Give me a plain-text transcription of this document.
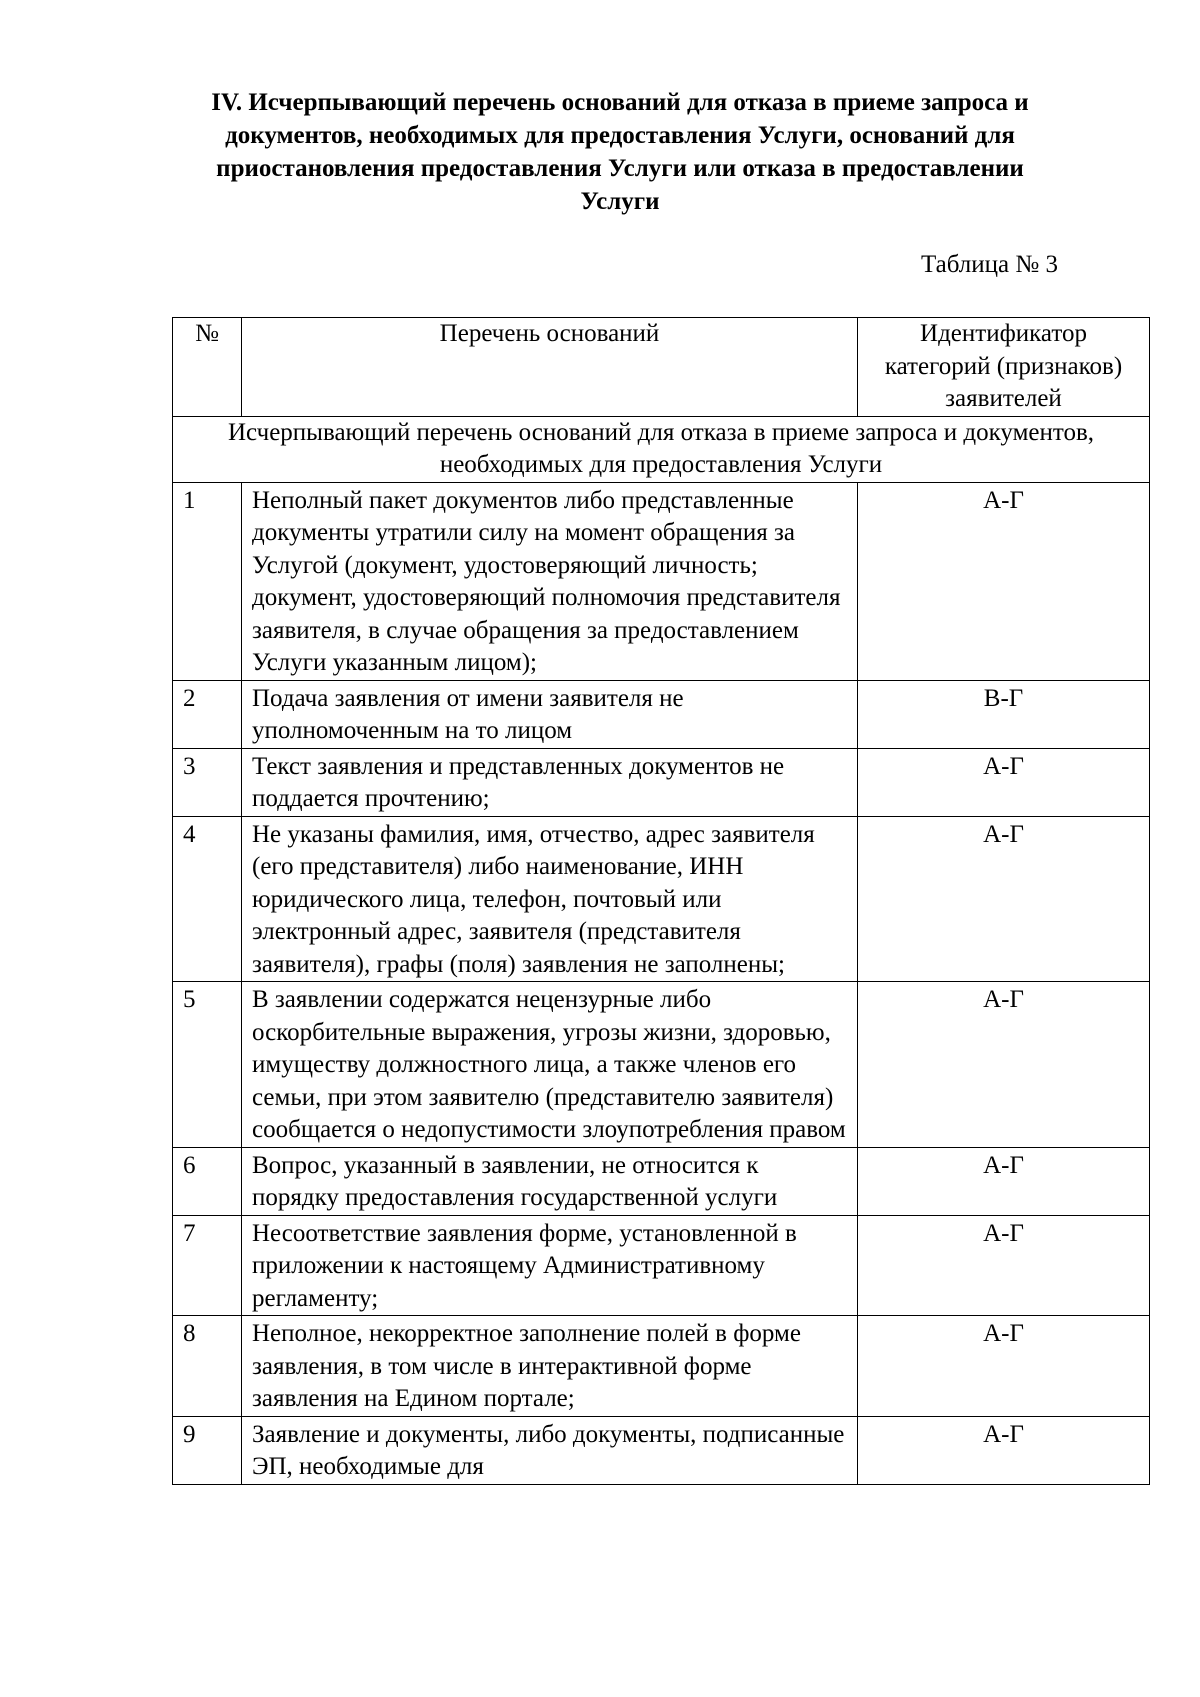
IV. Исчерпывающий перечень оснований для отказа в приеме запроса и документов, необходимых для предоставления Услуги, оснований для приостановления предоставления Услуги или отказа в предоставлении Услуги
Таблица № 3
№	Перечень оснований	Идентификатор категорий (признаков) заявителей
Исчерпывающий перечень оснований для отказа в приеме запроса и документов, необходимых для предоставления Услуги		
1	Неполный пакет документов либо представленные документы утратили силу на момент обращения за Услугой (документ, удостоверяющий личность; документ, удостоверяющий полномочия представителя заявителя, в случае обращения за предоставлением Услуги указанным лицом);	А-Г
2	Подача заявления от имени заявителя не уполномоченным на то лицом	В-Г
3	Текст заявления и представленных документов не поддается прочтению;	А-Г
4	Не указаны фамилия, имя, отчество, адрес заявителя (его представителя) либо наименование, ИНН юридического лица, телефон, почтовый или электронный адрес, заявителя (представителя заявителя), графы (поля) заявления не заполнены;	А-Г
5	В заявлении содержатся нецензурные либо оскорбительные выражения, угрозы жизни, здоровью, имуществу должностного лица, а также членов его семьи, при этом заявителю (представителю заявителя) сообщается о недопустимости злоупотребления правом	А-Г
6	Вопрос, указанный в заявлении, не относится к порядку предоставления государственной услуги	А-Г
7	Несоответствие заявления форме, установленной в приложении к настоящему Административному регламенту;	А-Г
8	Неполное, некорректное заполнение полей в форме заявления, в том числе в интерактивной форме заявления на Едином портале;	А-Г
9	Заявление и документы, либо документы, подписанные ЭП, необходимые для	А-Г
